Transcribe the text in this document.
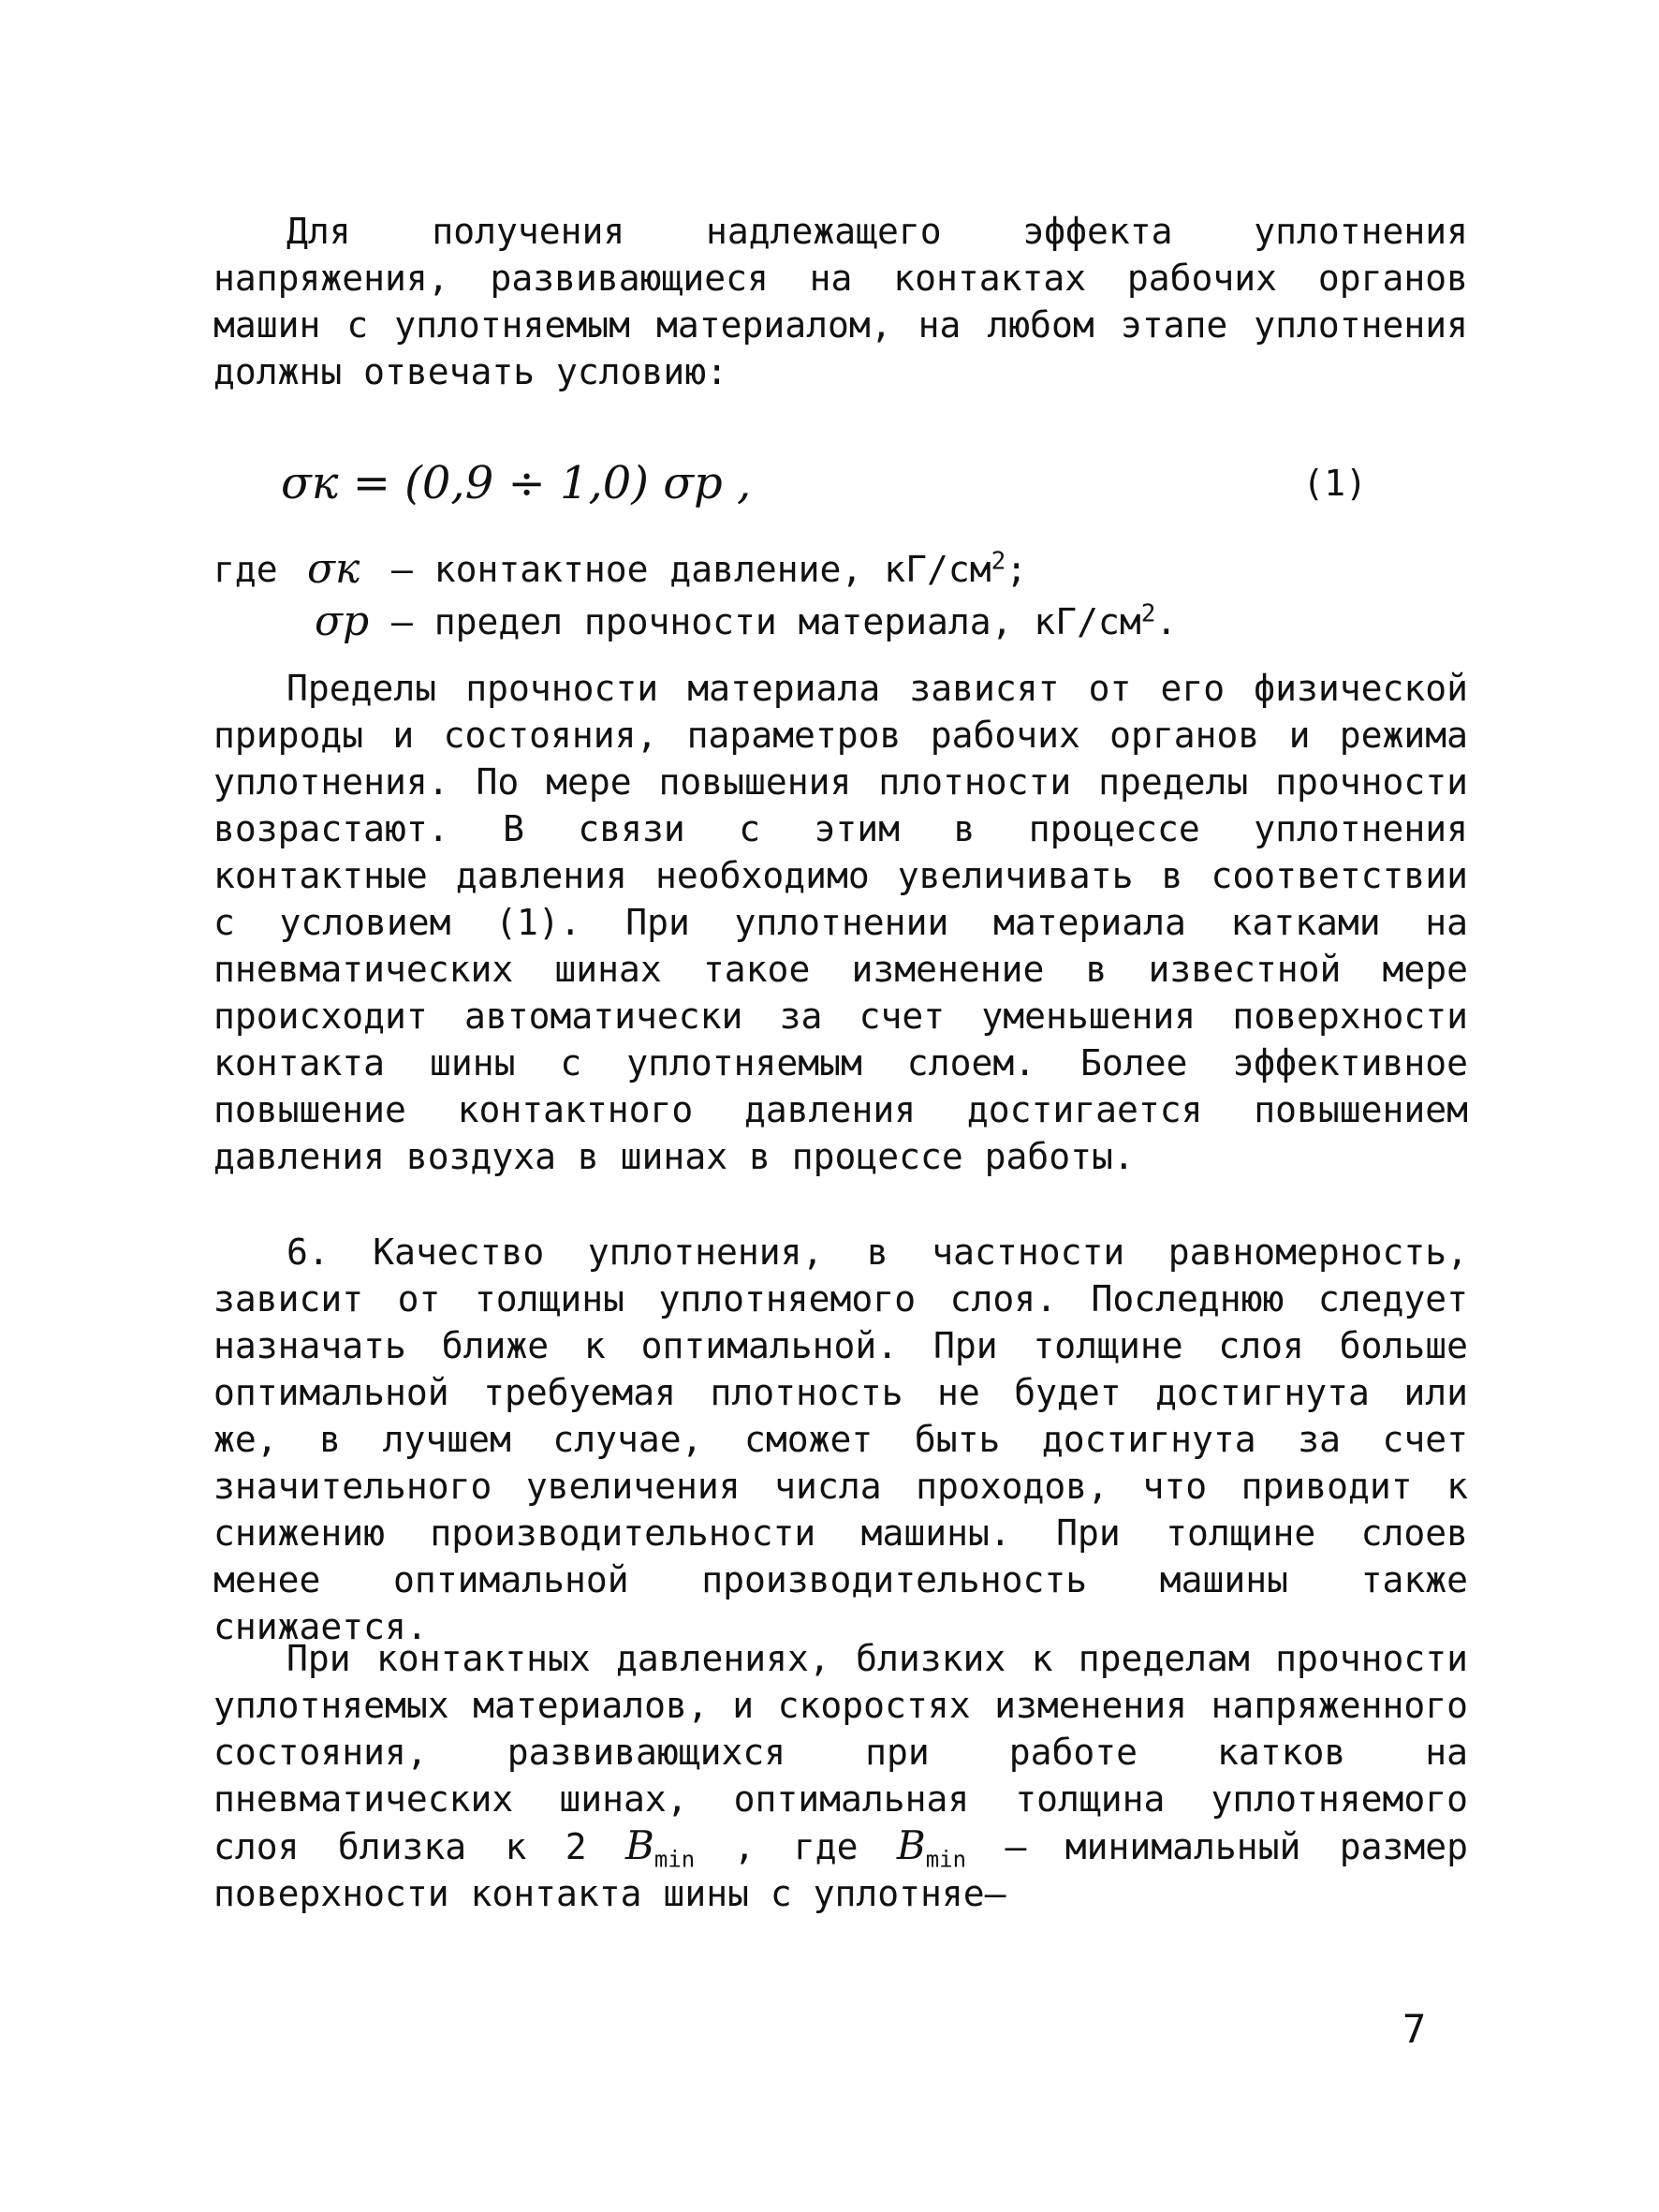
Для получения надлежащего эффекта уплотнения напряжения, развивающиеся на контактах рабочих органов машин с уплотняемым материалом, на любом этапе уплотнения должны отвечать условию:

σк = (0,9 ÷ 1,0) σр ,	(1)
где σк – контактное давление, $кГ/см^2$;
σр – предел прочности материала, $кГ/см^2$.

Пределы прочности материала зависят от его физической природы и состояния, параметров рабочих органов и режима уплотнения. По мере повышения плотности пределы прочности возрастают. В связи с этим в процессе уплотнения контактные давления необходимо увеличивать в соответствии с условием (1). При уплотнении материала катками на пневматических шинах такое изменение в известной мере происходит автоматически за счет уменьшения поверхности контакта шины с уплотняемым слоем. Более эффективное повышение контактного давления достигается повышением давления воздуха в шинах в процессе работы.

6. Качество уплотнения, в частности равномерность, зависит от толщины уплотняемого слоя. Последнюю следует назначать ближе к оптимальной. При толщине слоя больше оптимальной требуемая плотность не будет достигнута или же, в лучшем случае, сможет быть достигнута за счет значительного увеличения числа проходов, что приводит к снижению производительности машины. При толщине слоев менее оптимальной производительность машины также снижается.

При контактных давлениях, близких к пределам прочности уплотняемых материалов, и скоростях изменения напряженного состояния, развивающихся при работе катков на пневматических шинах, оптимальная толщина уплотняемого слоя близка к 2 $B_{min}$ , где $B_{min}$ – минимальный размер поверхности контакта шины с уплотняе–

7
